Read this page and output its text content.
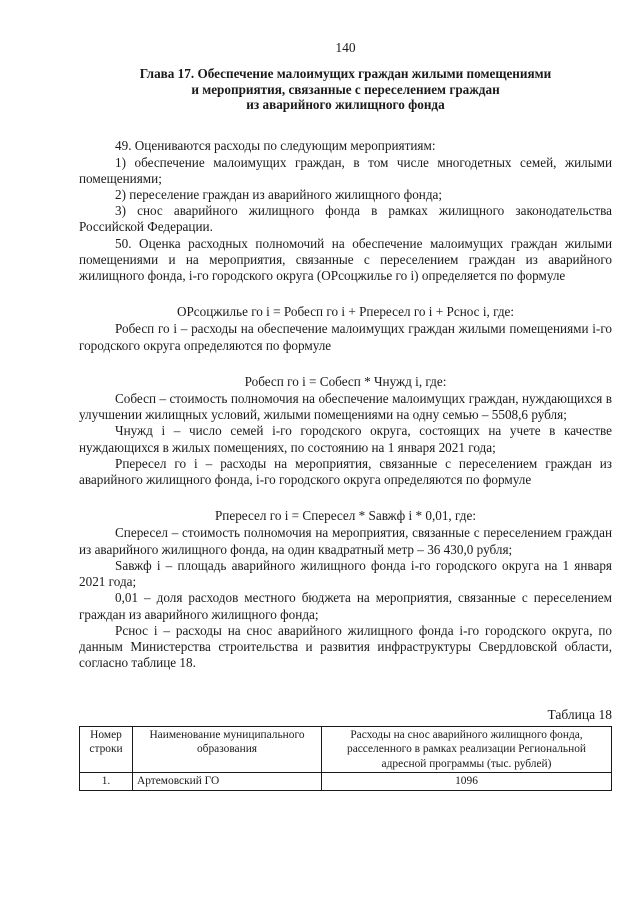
140
Глава 17. Обеспечение малоимущих граждан жилыми помещениями
и мероприятия, связанные с переселением граждан
из аварийного жилищного фонда

49. Оцениваются расходы по следующим мероприятиям:

1) обеспечение малоимущих граждан, в том числе многодетных семей, жилыми помещениями;

2) переселение граждан из аварийного жилищного фонда;

3) снос аварийного жилищного фонда в рамках жилищного законодательства Российской Федерации.

50. Оценка расходных полномочий на обеспечение малоимущих граждан жилыми помещениями и на мероприятия, связанные с переселением граждан из аварийного жилищного фонда, i-го городского округа (ОРсоцжилье го i) определяется по формуле

ОРсоцжилье го i = Робесп го i + Рпересел го i + Рснос i, где:

Робесп го i – расходы на обеспечение малоимущих граждан жилыми помещениями i-го городского округа определяются по формуле

Робесп го i = Собесп * Чнужд i, где:

Собесп – стоимость полномочия на обеспечение малоимущих граждан, нуждающихся в улучшении жилищных условий, жилыми помещениями на одну семью – 5508,6 рубля;

Чнужд i – число семей i-го городского округа, состоящих на учете в качестве нуждающихся в жилых помещениях, по состоянию на 1 января 2021 года;

Рпересел го i – расходы на мероприятия, связанные с переселением граждан из аварийного жилищного фонда, i-го городского округа определяются по формуле

Рпересел го i = Спересел * Sавжф i * 0,01, где:

Спересел – стоимость полномочия на мероприятия, связанные с переселением граждан из аварийного жилищного фонда, на один квадратный метр – 36 430,0 рубля;

Sавжф i – площадь аварийного жилищного фонда i-го городского округа на 1 января 2021 года;

0,01 – доля расходов местного бюджета на мероприятия, связанные с переселением граждан из аварийного жилищного фонда;

Рснос i – расходы на снос аварийного жилищного фонда i-го городского округа, по данным Министерства строительства и развития инфраструктуры Свердловской области, согласно таблице 18.

Таблица 18

Номер строки	Наименование муниципального образования	Расходы на снос аварийного жилищного фонда, расселенного в рамках реализации Региональной адресной программы (тыс. рублей)
1.	Артемовский ГО	1096
